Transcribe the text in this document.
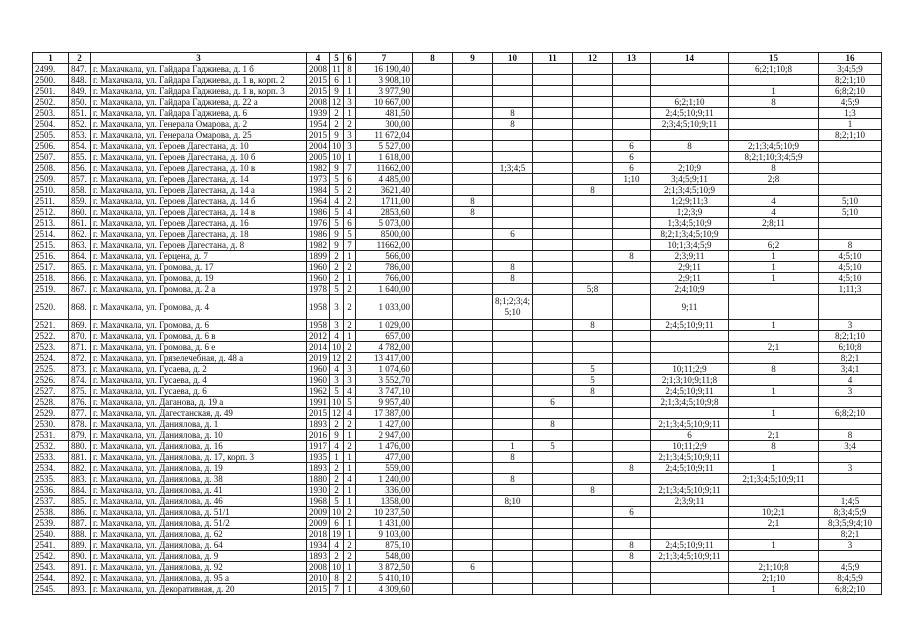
1	2	3	4	5	6	7	8	9	10	11	12	13	14	15	16
2499.	847.	г. Махачкала, ул. Гайдара Гаджиева, д. 1 б	2008	11	8	16 190,40								6;2;1;10;8	3;4;5;9
2500.	848.	г. Махачкала, ул. Гайдара Гаджиева, д. 1 в, корп. 2	2015	6	1	3 908,10									8;2;1;10
2501.	849.	г. Махачкала, ул. Гайдара Гаджиева, д. 1 в, корп. 3	2015	9	1	3 977,90								1	6;8;2;10
2502.	850.	г. Махачкала, ул. Гайдара Гаджиева, д. 22 а	2008	12	3	10 667,00							6;2;1;10	8	4;5;9
2503.	851.	г. Махачкала, ул. Гайдара Гаджиева, д. 6	1939	2	1	481,50			8				2;4;5;10;9;11		1;3
2504.	852.	г. Махачкала, ул. Генерала Омарова, д. 2	1954	2	2	300,00			8				2;3;4;5;10;9;11		1
2505.	853.	г. Махачкала, ул. Генерала Омарова, д. 25	2015	9	3	11 672,04									8;2;1;10
2506.	854.	г. Махачкала, ул. Героев Дагестана, д. 10	2004	10	3	5 527,00						6	8	2;1;3;4;5;10;9	
2507.	855.	г. Махачкала, ул. Героев Дагестана, д. 10 б	2005	10	1	1 618,00						6		8;2;1;10;3;4;5;9	
2508.	856.	г. Махачкала, ул. Героев Дагестана, д. 10 в	1982	9	7	11662,00			1;3;4;5			6	2;10;9	8	
2509.	857.	г. Махачкала, ул. Героев Дагестана, д. 14	1973	5	6	4 485,00						1;10	3;4;5;9;11	2;8	
2510.	858.	г. Махачкала, ул. Героев Дагестана, д. 14 а	1984	5	2	3621,40					8		2;1;3;4;5;10;9		
2511.	859.	г. Махачкала, ул. Героев Дагестана, д. 14 б	1964	4	2	1711,00		8					1;2;9;11;3	4	5;10
2512.	860.	г. Махачкала, ул. Героев Дагестана, д. 14 в	1986	5	4	2853,60		8					1;2;3;9	4	5;10
2513.	861.	г. Махачкала, ул. Героев Дагестана, д. 16	1976	5	6	5 073,00							1;3;4;5;10;9	2;8;11	
2514.	862.	г. Махачкала, ул. Героев Дагестана, д. 18	1986	9	5	8500,00			6				8;2;1;3;4;5;10;9		
2515.	863.	г. Махачкала, ул. Героев Дагестана, д. 8	1982	9	7	11662,00							10;1;3;4;5;9	6;2	8
2516.	864.	г. Махачкала, ул. Герцена, д. 7	1899	2	1	566,00						8	2;3;9;11	1	4;5;10
2517.	865.	г. Махачкала, ул. Громова, д. 17	1960	2	2	786,00			8				2;9;11	1	4;5;10
2518.	866.	г. Махачкала, ул. Громова, д. 19	1960	2	1	766,00			8				2;9;11	1	4;5;10
2519.	867.	г. Махачкала, ул. Громова, д. 2 а	1978	5	2	1 640,00					5;8		2;4;10;9		1;11;3
2520.	868.	г. Махачкала, ул. Громова, д. 4	1958	3	2	1 033,00			8;1;2;3;4;
5;10				9;11		
2521.	869.	г. Махачкала, ул. Громова, д. 6	1958	3	2	1 029,00					8		2;4;5;10;9;11	1	3
2522.	870.	г. Махачкала, ул. Громова, д. 6 в	2012	4	1	657,00									8;2;1;10
2523.	871.	г. Махачкала, ул. Громова, д. 6 е	2014	10	2	4 782,00								2;1	6;10;8
2524.	872.	г. Махачкала, ул. Грязелечебная, д. 48 а	2019	12	2	13 417,00									8;2;1
2525.	873.	г. Махачкала, ул. Гусаева, д. 2	1960	4	3	1 074,60					5		10;11;2;9	8	3;4;1
2526.	874.	г. Махачкала, ул. Гусаева, д. 4	1960	3	3	3 552,70					5		2;1;3;10;9;11;8		4
2527.	875.	г. Махачкала, ул. Гусаева, д. 6	1962	5	4	3 747,10					8		2;4;5;10;9;11	1	3
2528.	876.	г. Махачкала, ул. Даганова, д. 19 а	1991	10	5	9 957,40				6			2;1;3;4;5;10;9;8		
2529.	877.	г. Махачкала, ул. Дагестанская, д. 49	2015	12	4	17 387,00								1	6;8;2;10
2530.	878.	г. Махачкала, ул. Даниялова, д. 1	1893	2	2	1 427,00				8			2;1;3;4;5;10;9;11		
2531.	879.	г. Махачкала, ул. Даниялова, д. 10	2016	9	1	2 947,00							6	2;1	8
2532.	880.	г. Махачкала, ул. Даниялова, д. 16	1917	4	2	1 476,00			1	5			10;11;2;9	8	3;4
2533.	881.	г. Махачкала, ул. Даниялова, д. 17, корп. 3	1935	1	1	477,00			8				2;1;3;4;5;10;9;11		
2534.	882.	г. Махачкала, ул. Даниялова, д. 19	1893	2	1	559,00						8	2;4;5;10;9;11	1	3
2535.	883.	г. Махачкала, ул. Даниялова, д. 38	1880	2	4	1 240,00			8					2;1;3;4;5;10;9;11	
2536.	884.	г. Махачкала, ул. Даниялова, д. 41	1930	2	1	336,00					8		2;1;3;4;5;10;9;11		
2537.	885.	г. Махачкала, ул. Даниялова, д. 46	1968	5	1	1358,00			8;10				2;3;9;11		1;4;5
2538.	886.	г. Махачкала, ул. Даниялова, д. 51/1	2009	10	2	10 237,50						6		10;2;1	8;3;4;5;9
2539.	887.	г. Махачкала, ул. Даниялова, д. 51/2	2009	6	1	1 431,00								2;1	8;3;5;9;4;10
2540.	888.	г. Махачкала, ул. Даниялова, д. 62	2018	19	1	9 103,00									8;2;1
2541.	889.	г. Махачкала, ул. Даниялова, д. 64	1934	4	2	875,10						8	2;4;5;10;9;11	1	3
2542.	890.	г. Махачкала, ул. Даниялова, д. 9	1893	2	2	548,00						8	2;1;3;4;5;10;9;11		
2543.	891.	г. Махачкала, ул. Даниялова, д. 92	2008	10	1	3 872,50		6						2;1;10;8	4;5;9
2544.	892.	г. Махачкала, ул. Даниялова, д. 95 а	2010	8	2	5 410,10								2;1;10	8;4;5;9
2545.	893.	г. Махачкала, ул. Декоративная, д. 20	2015	7	1	4 309,60								1	6;8;2;10
